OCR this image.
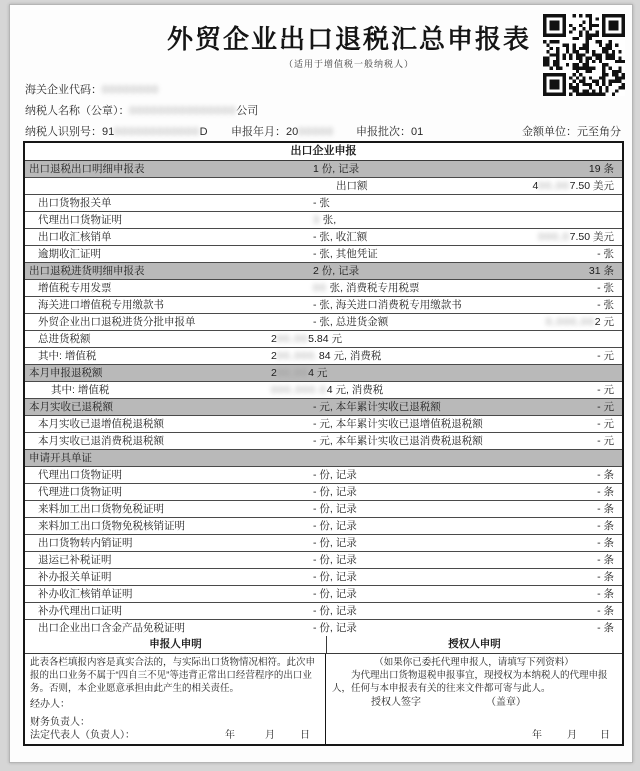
外贸企业出口退税汇总申报表
（适用于增值税一般纳税人）
海关企业代码：00000000
纳税人名称（公章）：000000000000000公司
纳税人识别号：91000000000000D 申报年月：2000000 申报批次：01	金额单位：元至角分
出口企业申报
出口退税出口明细申报表	1 份, 记录	19 条
出口额	400,007.50 美元
出口货物报关单	- 张
代理出口货物证明	3 张,
出口收汇核销单	- 张, 收汇额	000,07.50 美元
逾期收汇证明	- 张, 其他凭证	- 张
出口退税进货明细申报表	2 份, 记录	31 条
增值税专用发票	00 张, 消费税专用税票	- 张
海关进口增值税专用缴款书	- 张, 海关进口消费税专用缴款书	- 张
外贸企业出口退税进货分批申报单	- 张, 总进货金额	0,000,002 元
总进货税额	200,005.84 元
其中: 增值税	200,000.84 元, 消费税	- 元
本月申报退税额	200,004 元
其中: 增值税	000,000.04 元, 消费税	- 元
本月实收已退税额	- 元, 本年累计实收已退税额	- 元
本月实收已退增值税退税额	- 元, 本年累计实收已退增值税退税额	- 元
本月实收已退消费税退税额	- 元, 本年累计实收已退消费税退税额	- 元
申请开具单证
代理出口货物证明	- 份, 记录	- 条
代理进口货物证明	- 份, 记录	- 条
来料加工出口货物免税证明	- 份, 记录	- 条
来料加工出口货物免税核销证明	- 份, 记录	- 条
出口货物转内销证明	- 份, 记录	- 条
退运已补税证明	- 份, 记录	- 条
补办报关单证明	- 份, 记录	- 条
补办收汇核销单证明	- 份, 记录	- 条
补办代理出口证明	- 份, 记录	- 条
出口企业出口含金产品免税证明	- 份, 记录	- 条
申报人申明	授权人申明

此表各栏填报内容是真实合法的，与实际出口货物情况相符。此次申报的出口业务不属于“四自三不见”等违背正常出口经营程序的出口业务。否则，本企业愿意承担由此产生的相关责任。

经办人：
财务负责人：
法定代表人（负责人）：	年	月	日

（如果你已委托代理申报人，请填写下列资料）

　　为代理出口货物退税申报事宜，现授权为本纳税人的代理申报人，任何与本申报表有关的往来文件都可寄与此人。

授权人签字	（盖章）
年	月 日
